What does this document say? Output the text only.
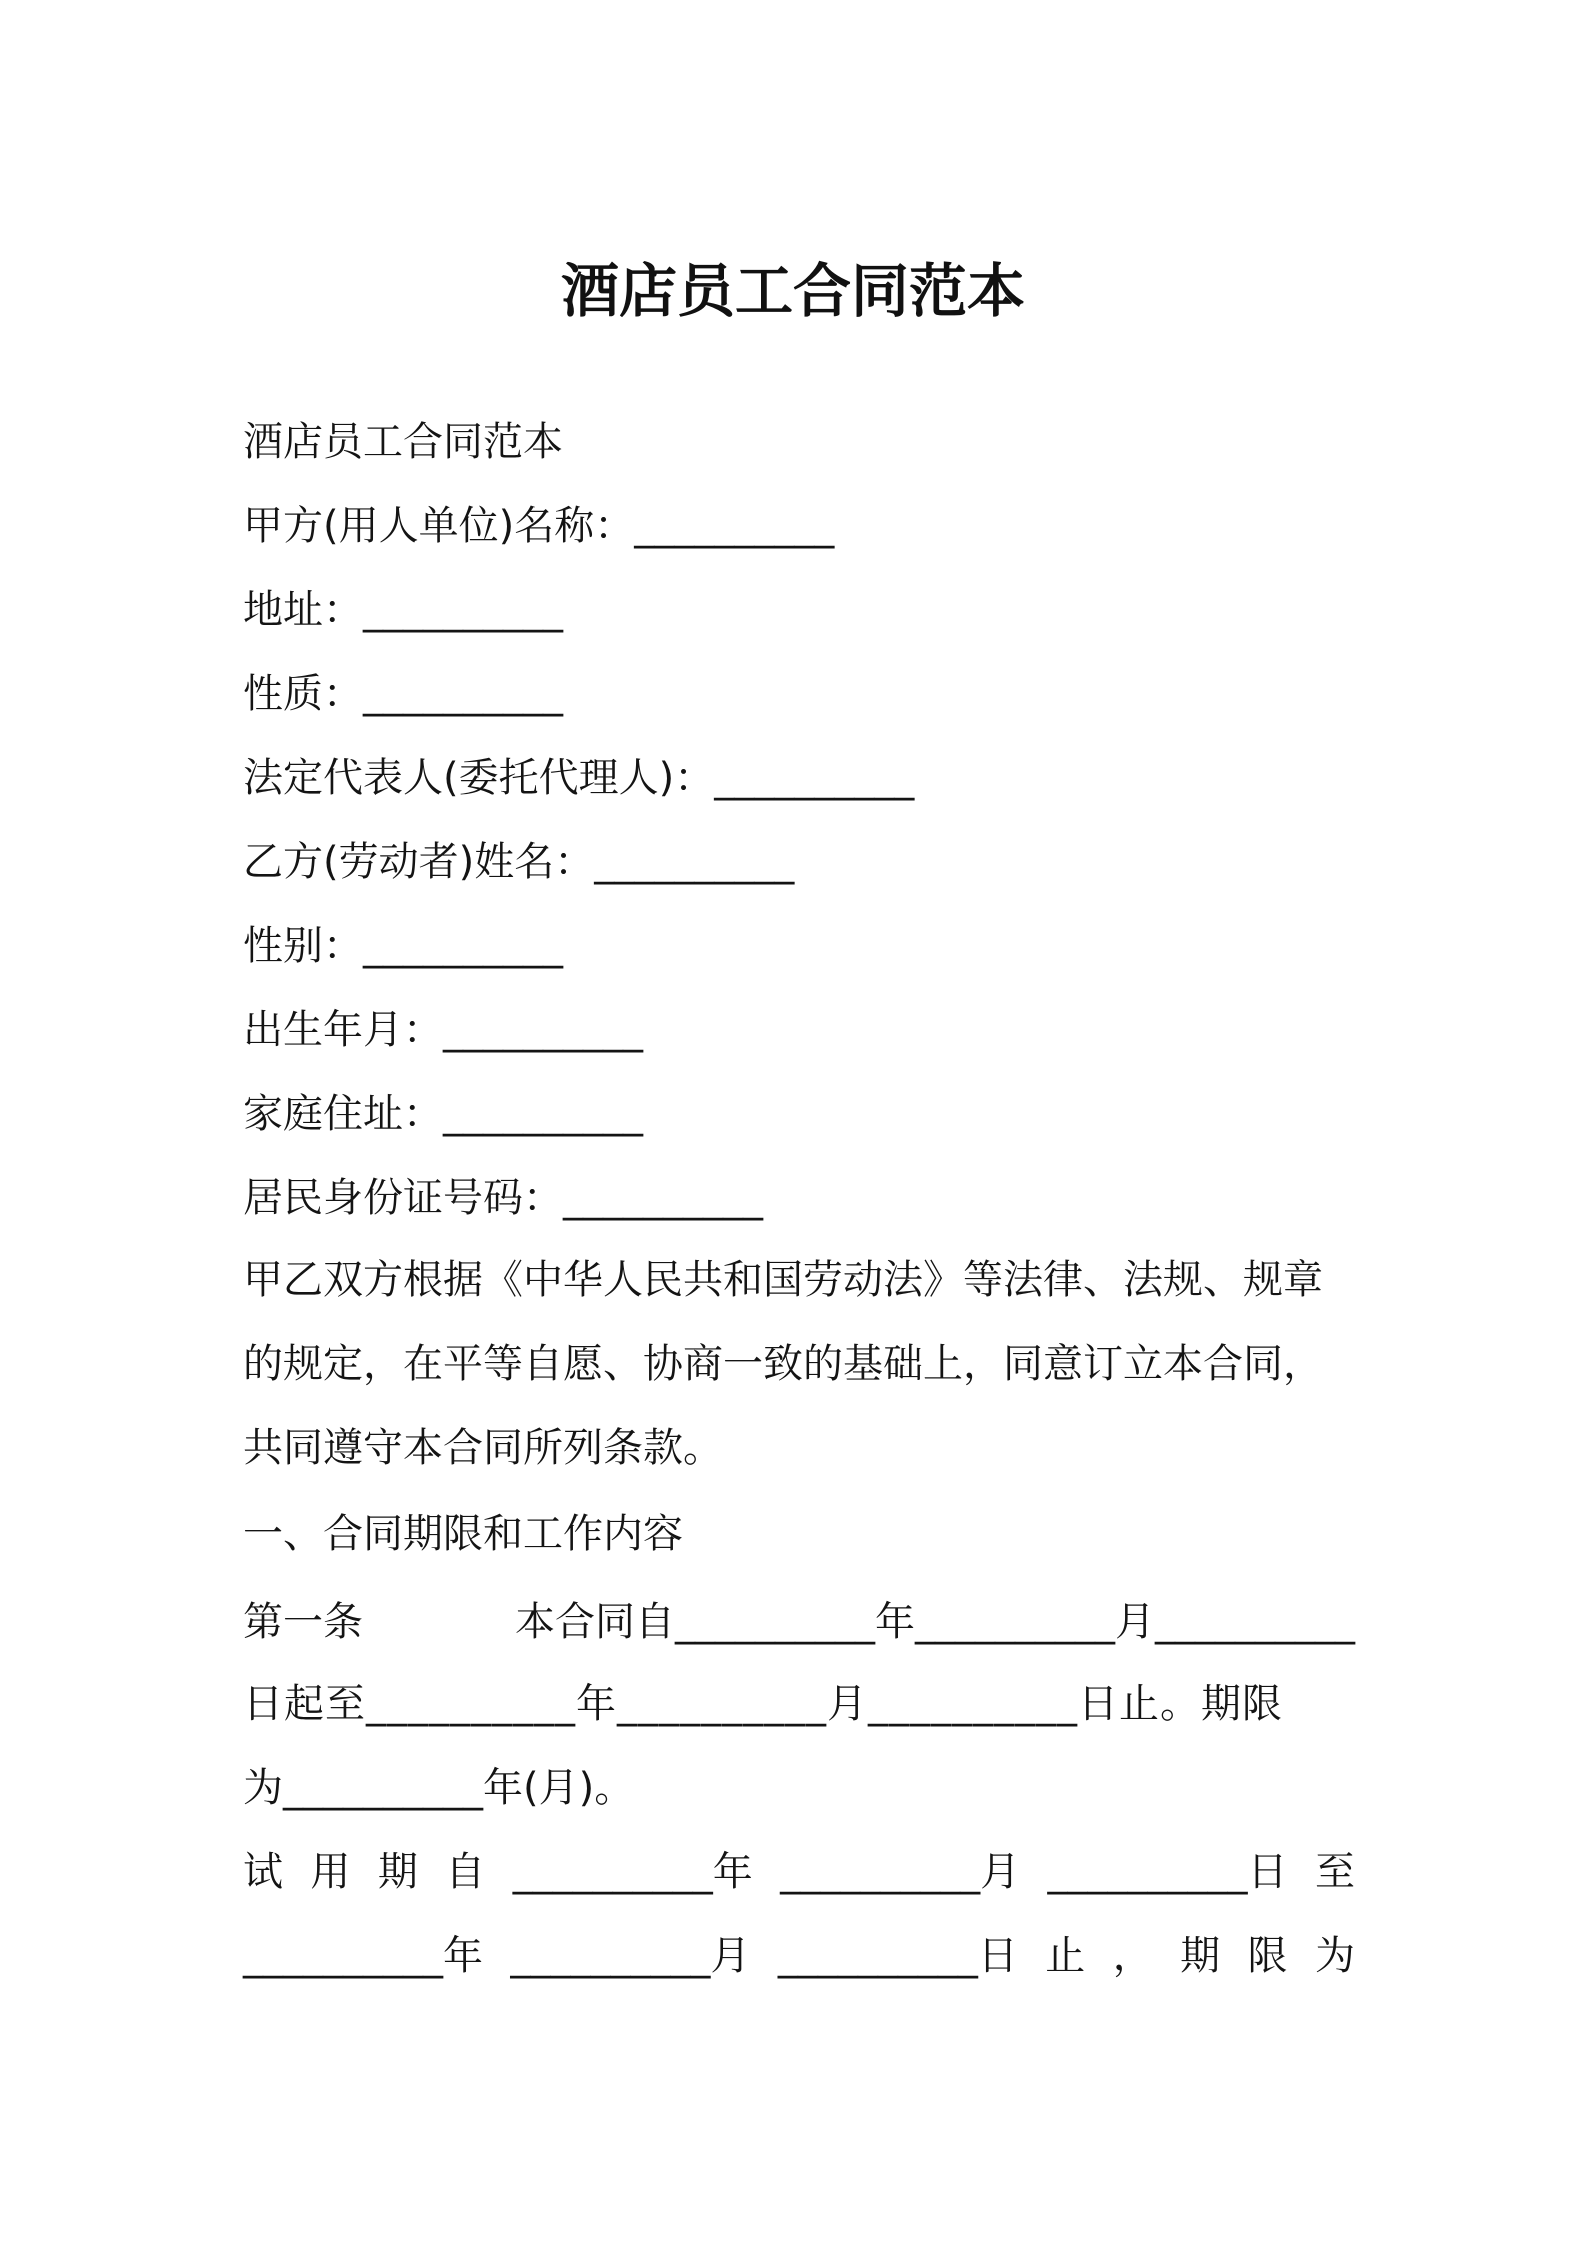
酒店员工合同范本
酒店员工合同范本
甲方(用人单位)名称：__________
地址：__________
性质：__________
法定代表人(委托代理人)：__________
乙方(劳动者)姓名：__________
性别：__________
出生年月：__________
家庭住址：__________
居民身份证号码：__________
甲乙双方根据《中华人民共和国劳动法》等法律、法规、规章的规定，在平等自愿、协商一致的基础上，同意订立本合同，共同遵守本合同所列条款。
一、合同期限和工作内容
第一条	本合同自__________年__________月__________
日起至__________年__________月__________日止。期限
为__________年(月)。
试 用 期 自 __________年 __________月 __________日 至
__________年 __________月 __________日 止 ， 期 限 为
